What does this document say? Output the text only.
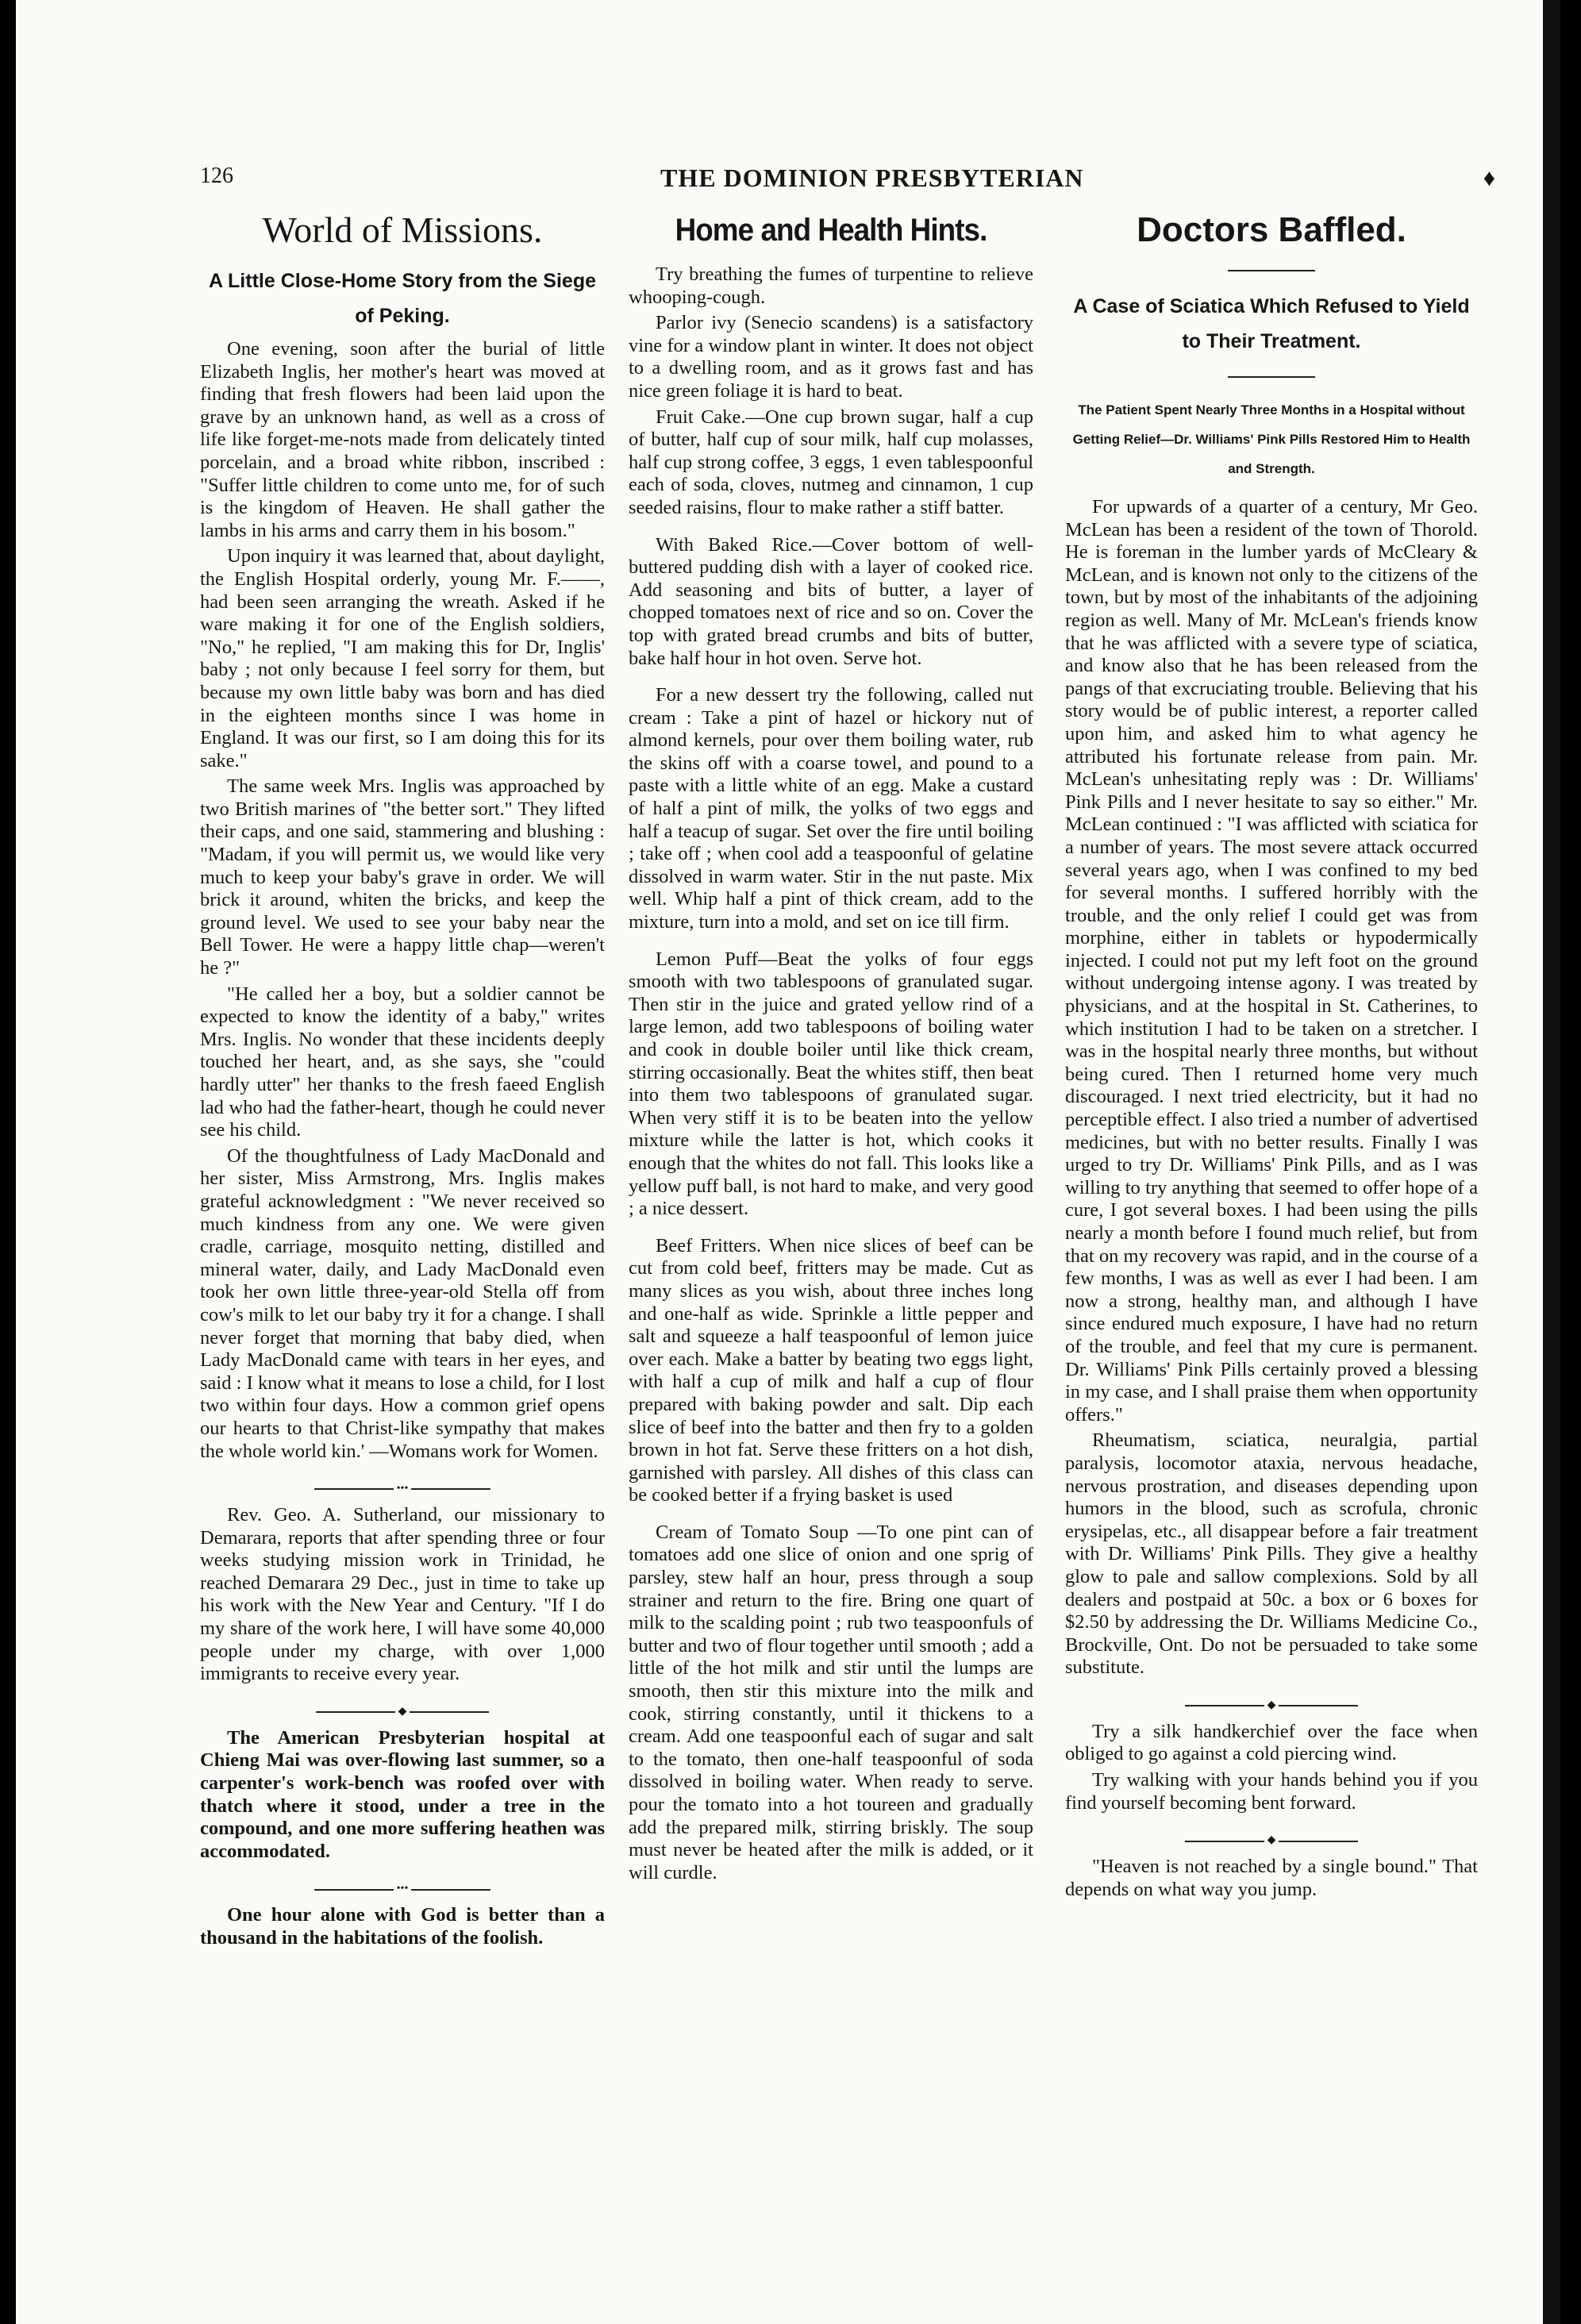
126	THE DOMINION PRESBYTERIAN	♦
World of Missions.
A Little Close-Home Story from the Siege of Peking.

One evening, soon after the burial of little Elizabeth Inglis, her mother's heart was moved at finding that fresh flowers had been laid upon the grave by an unknown hand, as well as a cross of life like forget-me-nots made from delicately tinted porcelain, and a broad white ribbon, inscribed : "Suffer little children to come unto me, for of such is the kingdom of Heaven. He shall gather the lambs in his arms and carry them in his bosom."

Upon inquiry it was learned that, about daylight, the English Hospital orderly, young Mr. F.——, had been seen arranging the wreath. Asked if he ware making it for one of the English soldiers, "No," he replied, "I am making this for Dr, Inglis' baby ; not only because I feel sorry for them, but because my own little baby was born and has died in the eighteen months since I was home in England. It was our first, so I am doing this for its sake."

The same week Mrs. Inglis was approached by two British marines of "the better sort." They lifted their caps, and one said, stammering and blushing : "Madam, if you will permit us, we would like very much to keep your baby's grave in order. We will brick it around, whiten the bricks, and keep the ground level. We used to see your baby near the Bell Tower. He were a happy little chap—weren't he ?"

"He called her a boy, but a soldier cannot be expected to know the identity of a baby," writes Mrs. Inglis. No wonder that these incidents deeply touched her heart, and, as she says, she "could hardly utter" her thanks to the fresh faeed English lad who had the father-heart, though he could never see his child.

Of the thoughtfulness of Lady MacDonald and her sister, Miss Armstrong, Mrs. Inglis makes grateful acknowledgment : "We never received so much kindness from any one. We were given cradle, carriage, mosquito netting, distilled and mineral water, daily, and Lady MacDonald even took her own little three-year-old Stella off from cow's milk to let our baby try it for a change. I shall never forget that morning that baby died, when Lady MacDonald came with tears in her eyes, and said : I know what it means to lose a child, for I lost two within four days. How a common grief opens our hearts to that Christ-like sympathy that makes the whole world kin.' —Womans work for Women.

•••

Rev. Geo. A. Sutherland, our missionary to Demarara, reports that after spending three or four weeks studying mission work in Trinidad, he reached Demarara 29 Dec., just in time to take up his work with the New Year and Century. "If I do my share of the work here, I will have some 40,000 people under my charge, with over 1,000 immigrants to receive every year.

◆

The American Presbyterian hospital at Chieng Mai was over-flowing last summer, so a carpenter's work-bench was roofed over with thatch where it stood, under a tree in the compound, and one more suffering heathen was accommodated.

•••

One hour alone with God is better than a thousand in the habitations of the foolish.

Home and Health Hints.

Try breathing the fumes of turpentine to relieve whooping-cough.

Parlor ivy (Senecio scandens) is a satisfactory vine for a window plant in winter. It does not object to a dwelling room, and as it grows fast and has nice green foliage it is hard to beat.

Fruit Cake.—One cup brown sugar, half a cup of butter, half cup of sour milk, half cup molasses, half cup strong coffee, 3 eggs, 1 even tablespoonful each of soda, cloves, nutmeg and cinnamon, 1 cup seeded raisins, flour to make rather a stiff batter.

With Baked Rice.—Cover bottom of well-buttered pudding dish with a layer of cooked rice. Add seasoning and bits of butter, a layer of chopped tomatoes next of rice and so on. Cover the top with grated bread crumbs and bits of butter, bake half hour in hot oven. Serve hot.

For a new dessert try the following, called nut cream : Take a pint of hazel or hickory nut of almond kernels, pour over them boiling water, rub the skins off with a coarse towel, and pound to a paste with a little white of an egg. Make a custard of half a pint of milk, the yolks of two eggs and half a teacup of sugar. Set over the fire until boiling ; take off ; when cool add a teaspoonful of gelatine dissolved in warm water. Stir in the nut paste. Mix well. Whip half a pint of thick cream, add to the mixture, turn into a mold, and set on ice till firm.

Lemon Puff—Beat the yolks of four eggs smooth with two tablespoons of granulated sugar. Then stir in the juice and grated yellow rind of a large lemon, add two tablespoons of boiling water and cook in double boiler until like thick cream, stirring occasionally. Beat the whites stiff, then beat into them two tablespoons of granulated sugar. When very stiff it is to be beaten into the yellow mixture while the latter is hot, which cooks it enough that the whites do not fall. This looks like a yellow puff ball, is not hard to make, and very good ; a nice dessert.

Beef Fritters. When nice slices of beef can be cut from cold beef, fritters may be made. Cut as many slices as you wish, about three inches long and one-half as wide. Sprinkle a little pepper and salt and squeeze a half teaspoonful of lemon juice over each. Make a batter by beating two eggs light, with half a cup of milk and half a cup of flour prepared with baking powder and salt. Dip each slice of beef into the batter and then fry to a golden brown in hot fat. Serve these fritters on a hot dish, garnished with parsley. All dishes of this class can be cooked better if a frying basket is used

Cream of Tomato Soup —To one pint can of tomatoes add one slice of onion and one sprig of parsley, stew half an hour, press through a soup strainer and return to the fire. Bring one quart of milk to the scalding point ; rub two teaspoonfuls of butter and two of flour together until smooth ; add a little of the hot milk and stir until the lumps are smooth, then stir this mixture into the milk and cook, stirring constantly, until it thickens to a cream. Add one teaspoonful each of sugar and salt to the tomato, then one-half teaspoonful of soda dissolved in boiling water. When ready to serve. pour the tomato into a hot toureen and gradually add the prepared milk, stirring briskly. The soup must never be heated after the milk is added, or it will curdle.

Doctors Baffled.
A Case of Sciatica Which Refused to Yield to Their Treatment.
The Patient Spent Nearly Three Months in a Hospital without Getting Relief—Dr. Williams' Pink Pills Restored Him to Health and Strength.

For upwards of a quarter of a century, Mr Geo. McLean has been a resident of the town of Thorold. He is foreman in the lumber yards of McCleary & McLean, and is known not only to the citizens of the town, but by most of the inhabitants of the adjoining region as well. Many of Mr. McLean's friends know that he was afflicted with a severe type of sciatica, and know also that he has been released from the pangs of that excruciating trouble. Believing that his story would be of public interest, a reporter called upon him, and asked him to what agency he attributed his fortunate release from pain. Mr. McLean's unhesitating reply was : Dr. Williams' Pink Pills and I never hesitate to say so either." Mr. McLean continued : "I was afflicted with sciatica for a number of years. The most severe attack occurred several years ago, when I was confined to my bed for several months. I suffered horribly with the trouble, and the only relief I could get was from morphine, either in tablets or hypodermically injected. I could not put my left foot on the ground without undergoing intense agony. I was treated by physicians, and at the hospital in St. Catherines, to which institution I had to be taken on a stretcher. I was in the hospital nearly three months, but without being cured. Then I returned home very much discouraged. I next tried electricity, but it had no perceptible effect. I also tried a number of advertised medicines, but with no better results. Finally I was urged to try Dr. Williams' Pink Pills, and as I was willing to try anything that seemed to offer hope of a cure, I got several boxes. I had been using the pills nearly a month before I found much relief, but from that on my recovery was rapid, and in the course of a few months, I was as well as ever I had been. I am now a strong, healthy man, and although I have since endured much exposure, I have had no return of the trouble, and feel that my cure is permanent. Dr. Williams' Pink Pills certainly proved a blessing in my case, and I shall praise them when opportunity offers."

Rheumatism, sciatica, neuralgia, partial paralysis, locomotor ataxia, nervous headache, nervous prostration, and diseases depending upon humors in the blood, such as scrofula, chronic erysipelas, etc., all disappear before a fair treatment with Dr. Williams' Pink Pills. They give a healthy glow to pale and sallow complexions. Sold by all dealers and postpaid at 50c. a box or 6 boxes for $2.50 by addressing the Dr. Williams Medicine Co., Brockville, Ont. Do not be persuaded to take some substitute.

◆

Try a silk handkerchief over the face when obliged to go against a cold piercing wind.

Try walking with your hands behind you if you find yourself becoming bent forward.

◆

"Heaven is not reached by a single bound." That depends on what way you jump.
